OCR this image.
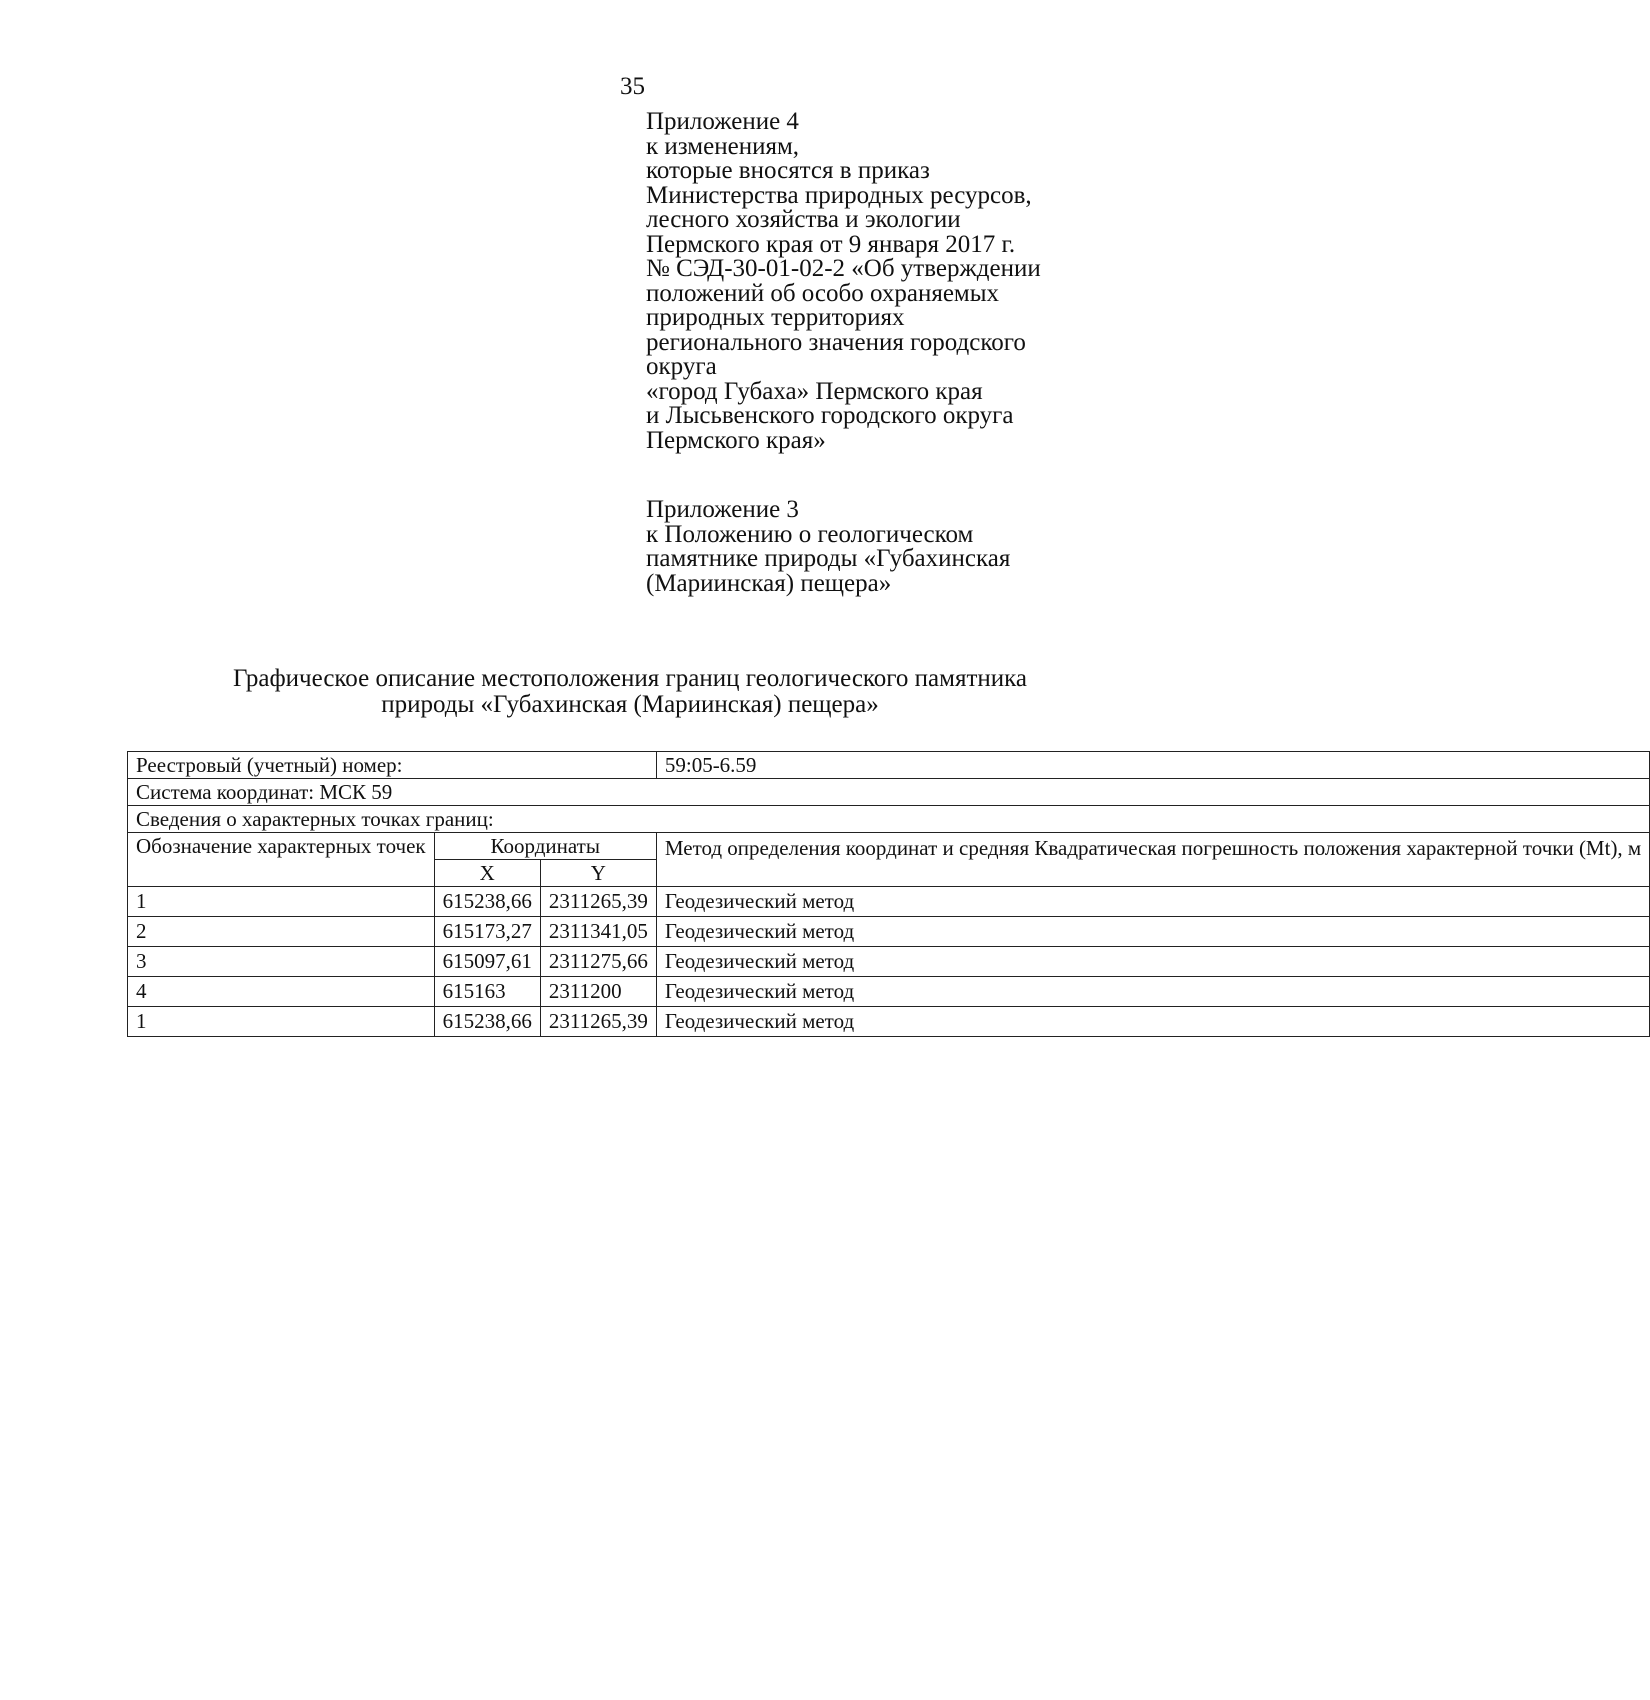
35
Приложение 4
к изменениям,
которые вносятся в приказ
Министерства природных ресурсов,
лесного хозяйства и экологии
Пермского края от 9 января 2017 г.
№ СЭД-30-01-02-2 «Об утверждении
положений об особо охраняемых
природных территориях
регионального значения городского
округа
«город Губаха» Пермского края
и Лысьвенского городского округа
Пермского края»
Приложение 3
к Положению о геологическом
памятнике природы «Губахинская
(Мариинская) пещера»
Графическое описание местоположения границ геологического памятника
природы «Губахинская (Мариинская) пещера»
Реестровый (учетный) номер:			59:05-6.59
Система координат: МСК 59			
Сведения о характерных точках границ:			
Обозначение характерных точек	Координаты		Метод определения координат и средняя Квадратическая погрешность положения характерной точки (Mt), м
	X	Y	
1	615238,66	2311265,39	Геодезический метод
2	615173,27	2311341,05	Геодезический метод
3	615097,61	2311275,66	Геодезический метод
4	615163	2311200	Геодезический метод
1	615238,66	2311265,39	Геодезический метод
